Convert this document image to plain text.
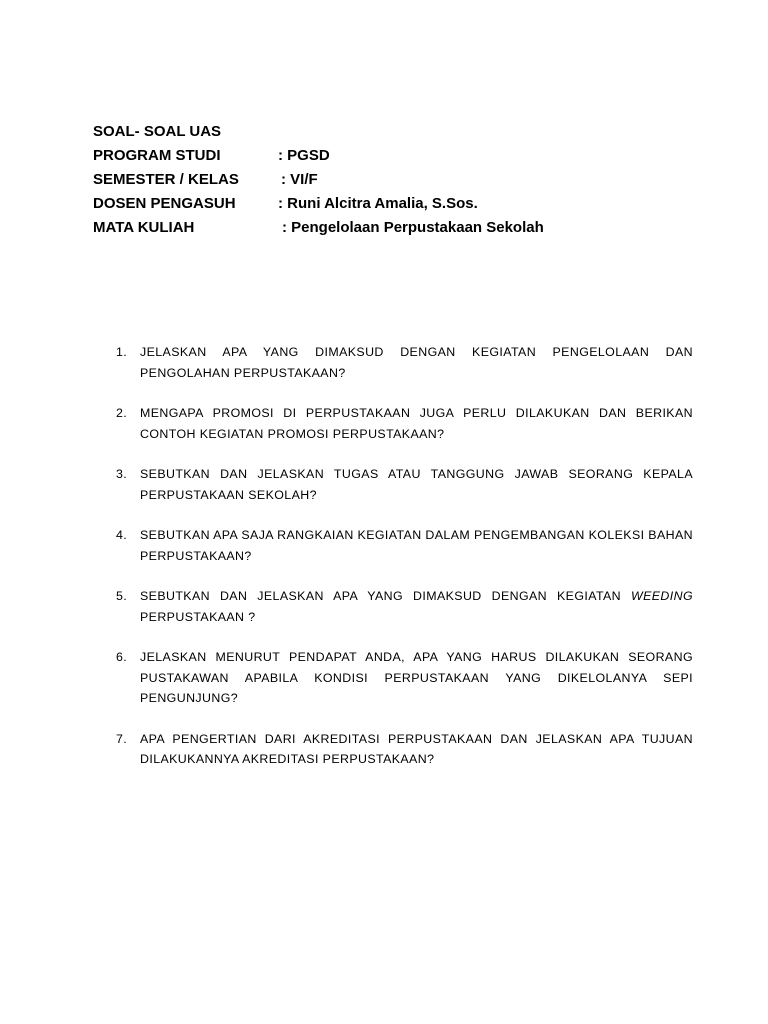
SOAL- SOAL UAS
PROGRAM STUDI	: PGSD
SEMESTER / KELAS	: VI/F
DOSEN PENGASUH	: Runi Alcitra Amalia, S.Sos.
MATA KULIAH	: Pengelolaan Perpustakaan Sekolah
1. JELASKAN APA YANG DIMAKSUD DENGAN KEGIATAN PENGELOLAAN DAN PENGOLAHAN PERPUSTAKAAN?
2. MENGAPA PROMOSI DI PERPUSTAKAAN JUGA PERLU DILAKUKAN DAN BERIKAN CONTOH KEGIATAN PROMOSI PERPUSTAKAAN?
3. SEBUTKAN DAN JELASKAN TUGAS ATAU TANGGUNG JAWAB SEORANG KEPALA PERPUSTAKAAN SEKOLAH?
4. SEBUTKAN APA SAJA RANGKAIAN KEGIATAN DALAM PENGEMBANGAN KOLEKSI BAHAN PERPUSTAKAAN?
5. SEBUTKAN DAN JELASKAN APA YANG DIMAKSUD DENGAN KEGIATAN WEEDING PERPUSTAKAAN ?
6. JELASKAN MENURUT PENDAPAT ANDA, APA YANG HARUS DILAKUKAN SEORANG PUSTAKAWAN APABILA KONDISI PERPUSTAKAAN YANG DIKELOLANYA SEPI PENGUNJUNG?
7. APA PENGERTIAN DARI AKREDITASI PERPUSTAKAAN DAN JELASKAN APA TUJUAN DILAKUKANNYA AKREDITASI PERPUSTAKAAN?
